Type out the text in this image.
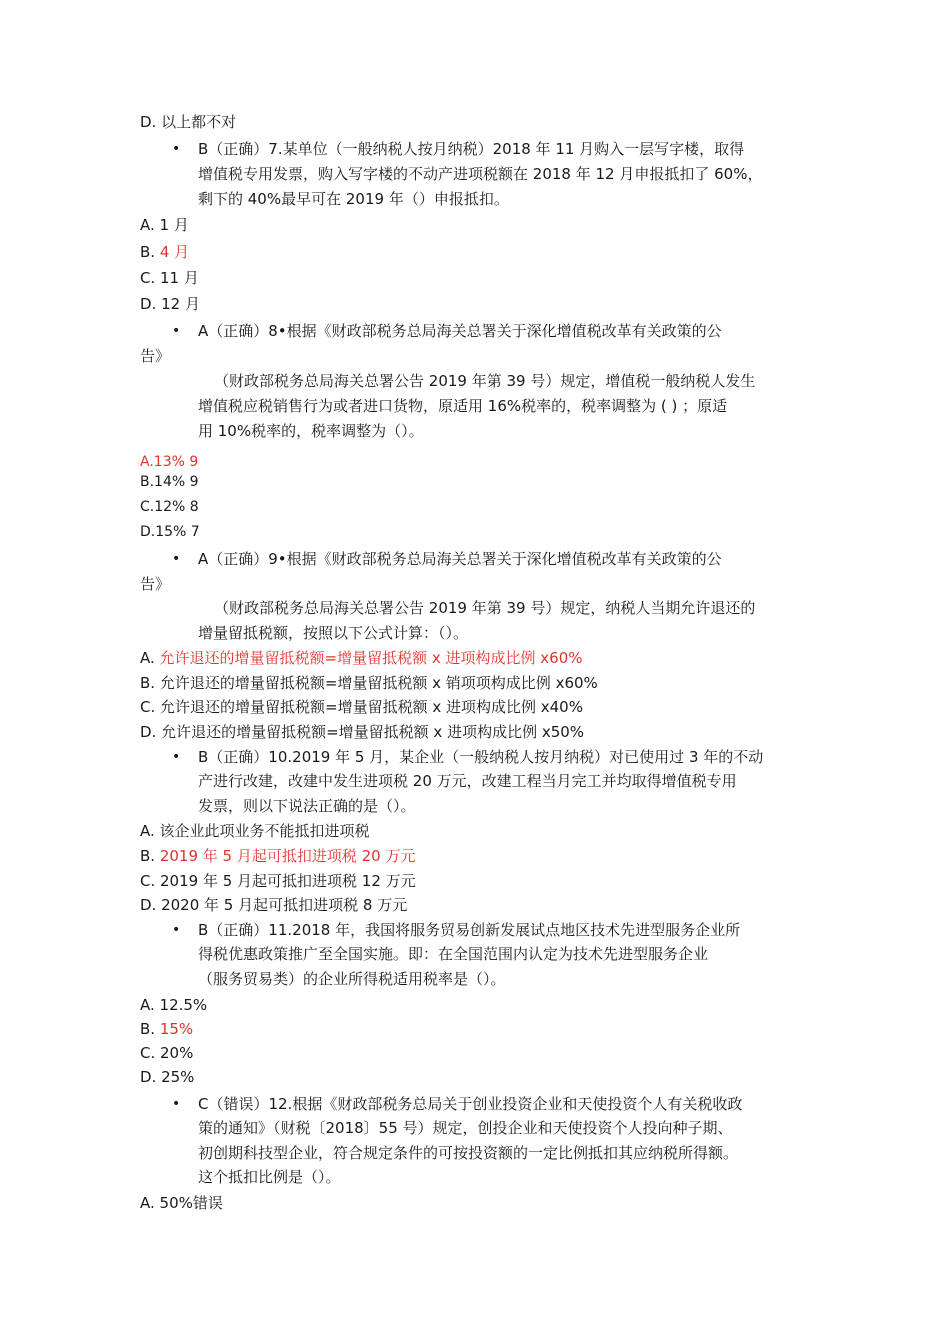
D. 以上都不对
• B（正确）7.某单位（一般纳税人按月纳税）2018 年 11 月购入一层写字楼，取得
增值税专用发票，购入写字楼的不动产进项税额在 2018 年 12 月申报抵扣了 60%，
剩下的 40%最早可在 2019 年（）申报抵扣。
A. 1 月
B. 4 月
C. 11 月
D. 12 月
• A（正确）8•根据《财政部税务总局海关总署关于深化增值税改革有关政策的公
告》
（财政部税务总局海关总署公告 2019 年第 39 号）规定，增值税一般纳税人发生
增值税应税销售行为或者进口货物，原适用 16%税率的，税率调整为 ( ) ；原适
用 10%税率的，税率调整为（）。
A.13% 9
B.14% 9
C.12% 8
D.15% 7
• A（正确）9•根据《财政部税务总局海关总署关于深化增值税改革有关政策的公
告》
（财政部税务总局海关总署公告 2019 年第 39 号）规定，纳税人当期允许退还的
增量留抵税额，按照以下公式计算：（）。
A. 允许退还的增量留抵税额=增量留抵税额 x 进项构成比例 x60%
B. 允许退还的增量留抵税额=增量留抵税额 x 销项项构成比例 x60%
C. 允许退还的增量留抵税额=增量留抵税额 x 进项构成比例 x40%
D. 允许退还的增量留抵税额=增量留抵税额 x 进项构成比例 x50%
• B（正确）10.2019 年 5 月，某企业（一般纳税人按月纳税）对已使用过 3 年的不动
产进行改建，改建中发生进项税 20 万元，改建工程当月完工并均取得增值税专用
发票，则以下说法正确的是（）。
A. 该企业此项业务不能抵扣进项税
B. 2019 年 5 月起可抵扣进项税 20 万元
C. 2019 年 5 月起可抵扣进项税 12 万元
D. 2020 年 5 月起可抵扣进项税 8 万元
• B（正确）11.2018 年，我国将服务贸易创新发展试点地区技术先进型服务企业所
得税优惠政策推广至全国实施。即：在全国范围内认定为技术先进型服务企业
（服务贸易类）的企业所得税适用税率是（）。
A. 12.5%
B. 15%
C. 20%
D. 25%
• C（错误）12.根据《财政部税务总局关于创业投资企业和天使投资个人有关税收政
策的通知》（财税〔2018〕55 号）规定，创投企业和天使投资个人投向种子期、
初创期科技型企业，符合规定条件的可按投资额的一定比例抵扣其应纳税所得额。
这个抵扣比例是（）。
A. 50%错误
